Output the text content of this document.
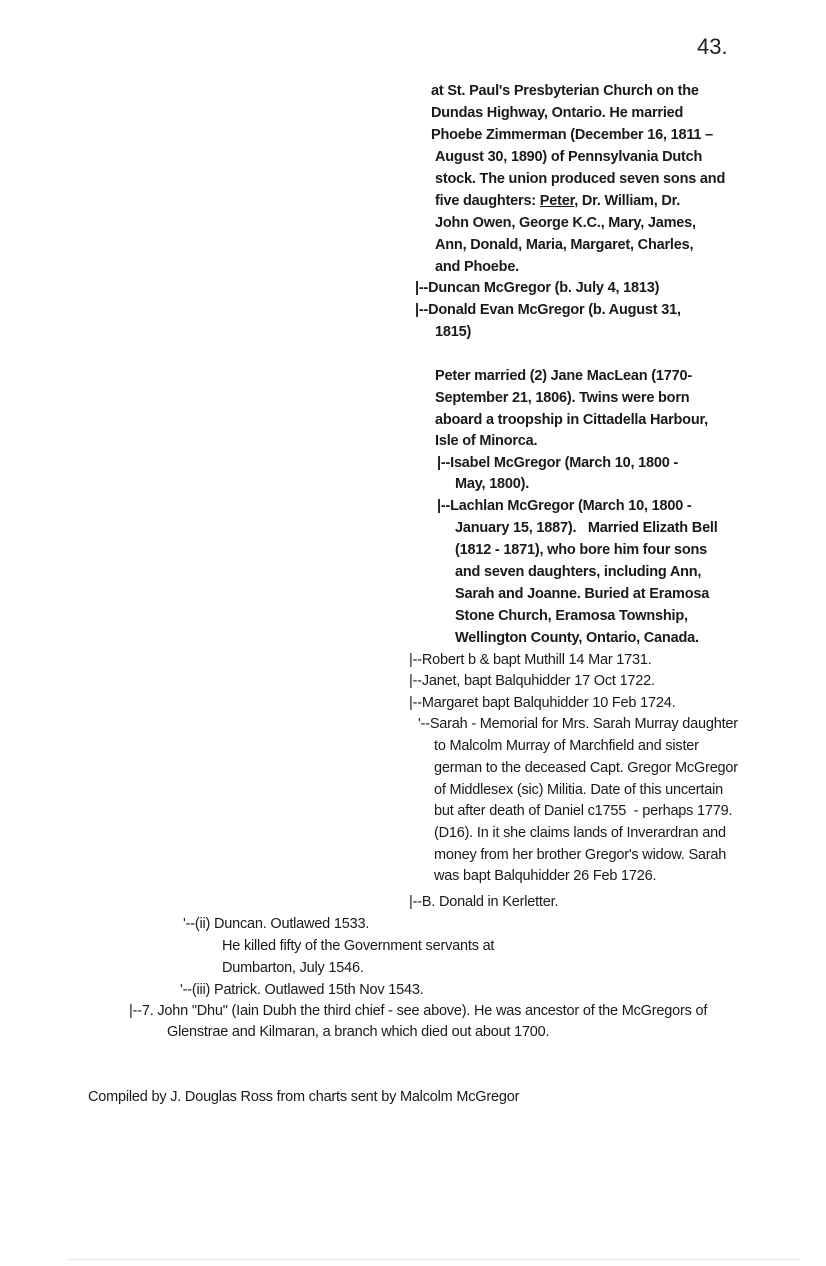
43.
at St. Paul's Presbyterian Church on the
Dundas Highway, Ontario. He married
Phoebe Zimmerman (December 16, 1811 –
August 30, 1890) of Pennsylvania Dutch
stock. The union produced seven sons and
John Owen, George K.C., Mary, James,
Ann, Donald, Maria, Margaret, Charles,
and Phoebe.
|--Duncan McGregor (b. July 4, 1813)
|--Donald Evan McGregor (b. August 31,
1815)
Peter married (2) Jane MacLean (1770-
September 21, 1806). Twins were born
aboard a troopship in Cittadella Harbour,
Isle of Minorca.
|--Isabel McGregor (March 10, 1800 -
May, 1800).
|--Lachlan McGregor (March 10, 1800 -
January 15, 1887).   Married Elizath Bell
(1812 - 1871), who bore him four sons
and seven daughters, including Ann,
Sarah and Joanne. Buried at Eramosa
Stone Church, Eramosa Township,
Wellington County, Ontario, Canada.
|--Robert b & bapt Muthill 14 Mar 1731.
|--Janet, bapt Balquhidder 17 Oct 1722.
|--Margaret bapt Balquhidder 10 Feb 1724.
'--Sarah - Memorial for Mrs. Sarah Murray daughter
to Malcolm Murray of Marchfield and sister
german to the deceased Capt. Gregor McGregor
of Middlesex (sic) Militia. Date of this uncertain
but after death of Daniel c1755  - perhaps 1779.
(D16). In it she claims lands of Inverardran and
money from her brother Gregor's widow. Sarah
was bapt Balquhidder 26 Feb 1726.
|--B. Donald in Kerletter.
'--(ii) Duncan. Outlawed 1533.
He killed fifty of the Government servants at
Dumbarton, July 1546.
'--(iii) Patrick. Outlawed 15th Nov 1543.
|--7. John "Dhu" (Iain Dubh the third chief - see above). He was ancestor of the McGregors of
Glenstrae and Kilmaran, a branch which died out about 1700.
five daughters: Peter, Dr. William, Dr.
Compiled by J. Douglas Ross from charts sent by Malcolm McGregor
